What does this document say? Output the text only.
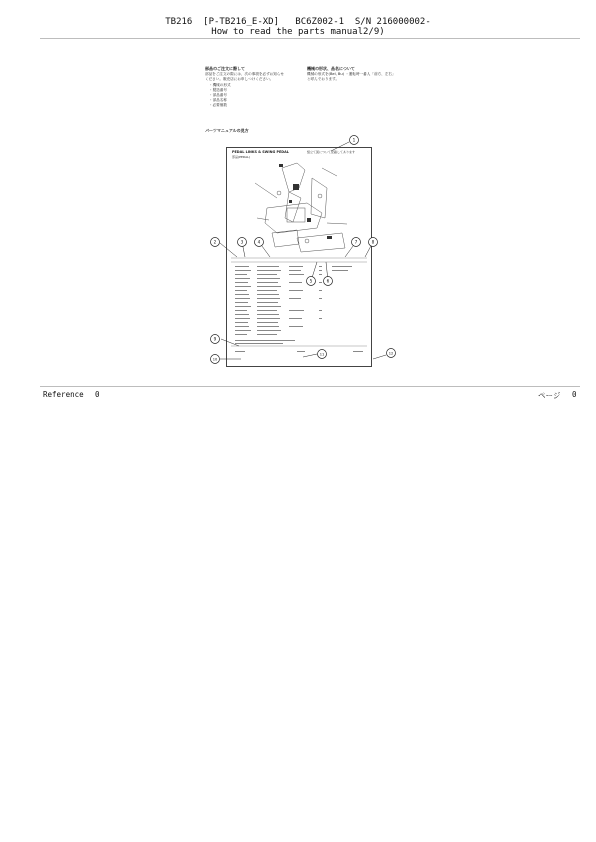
TB216  [P-TB216_E-XD]   BC6Z002-1  S/N 216000002-
How to read the parts manual2/9)
部品のご注文に際して
部品をご注文の際には、次の事項を必ずお知らせ
ください。販売店にお申しつけください。
・機械の形式
・製造番号
・部品番号
・部品名称
・必要個数
機械の形状、品名について
機械の形式を(Bel, Bu) ・運転時一番人「前方、左右」
と呼んでおります。
パーツマニュアルの見方
PEDAL LINKS & SWING PEDAL
部品(PEDAL)
組立て図について記載してあります
1
2	3	4
5	6
7	8
9
10
11	12
Reference 0	ページ 0
